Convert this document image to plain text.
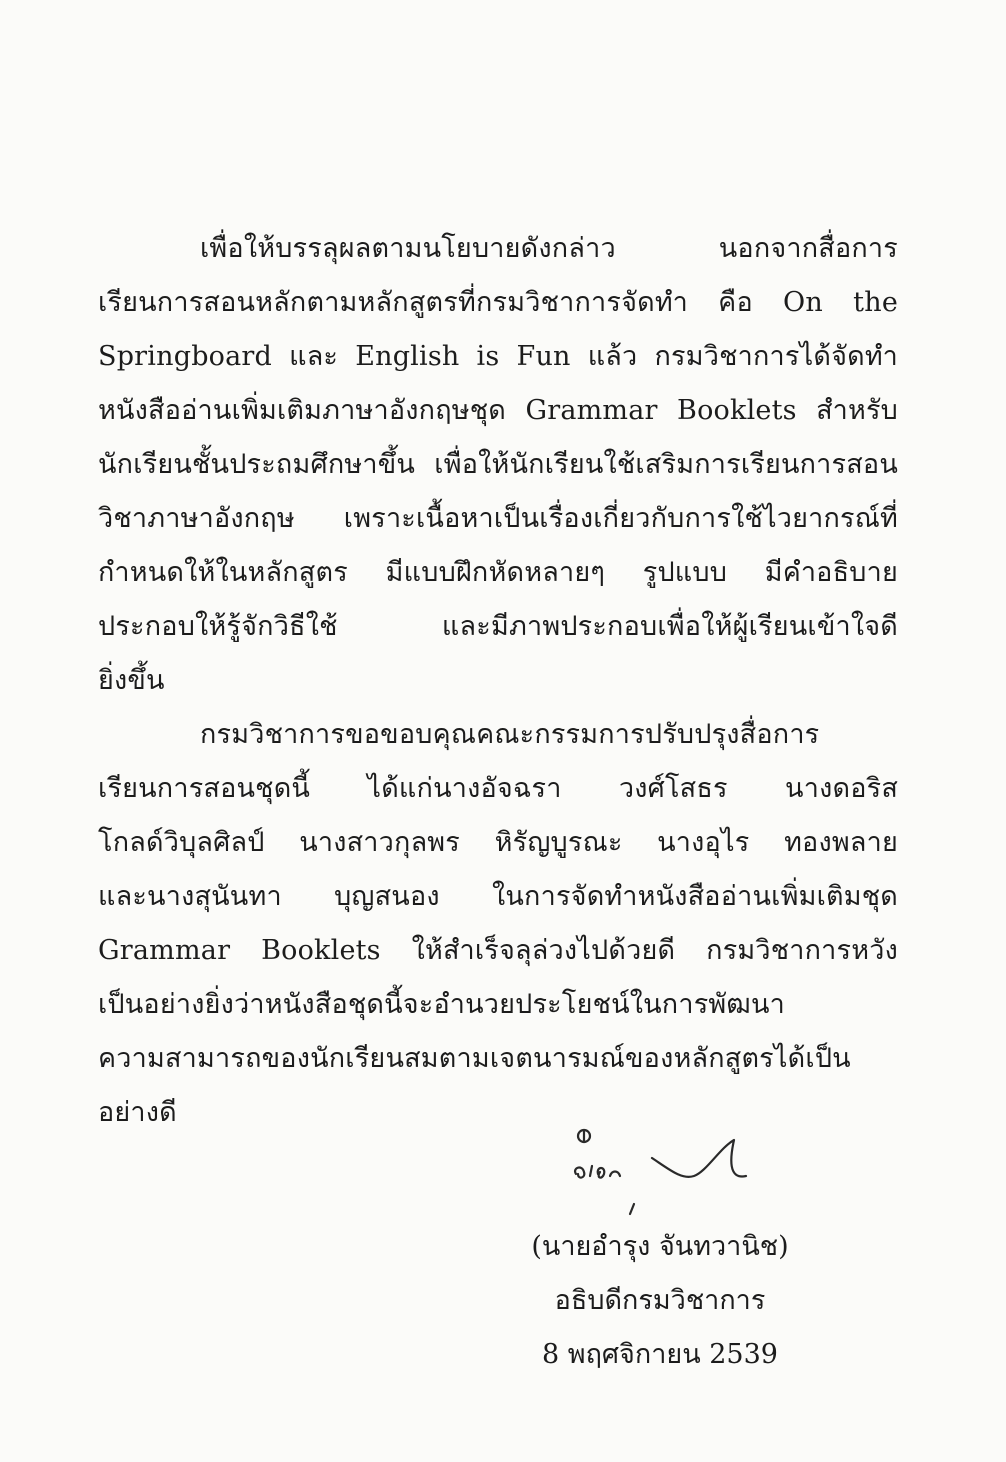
เพื่อให้บรรลุผลตามนโยบายดังกล่าว นอกจากสื่อการ
เรียนการสอนหลักตามหลักสูตรที่กรมวิชาการจัดทำ คือ On the
Springboard และ English is Fun แล้ว กรมวิชาการได้จัดทำ
หนังสืออ่านเพิ่มเติมภาษาอังกฤษชุด Grammar Booklets สำหรับ
นักเรียนชั้นประถมศึกษาขึ้น เพื่อให้นักเรียนใช้เสริมการเรียนการสอน
วิชาภาษาอังกฤษ เพราะเนื้อหาเป็นเรื่องเกี่ยวกับการใช้ไวยากรณ์ที่
กำหนดให้ในหลักสูตร มีแบบฝึกหัดหลายๆ รูปแบบ มีคำอธิบาย
ประกอบให้รู้จักวิธีใช้ และมีภาพประกอบเพื่อให้ผู้เรียนเข้าใจดี
ยิ่งขึ้น
กรมวิชาการขอขอบคุณคณะกรรมการปรับปรุงสื่อการ
เรียนการสอนชุดนี้ ได้แก่นางอัจฉรา วงศ์โสธร นางดอริส
โกลด์วิบุลศิลป์ นางสาวกุลพร หิรัญบูรณะ นางอุไร ทองพลาย
และนางสุนันทา บุญสนอง ในการจัดทำหนังสืออ่านเพิ่มเติมชุด
Grammar Booklets ให้สำเร็จลุล่วงไปด้วยดี กรมวิชาการหวัง
เป็นอย่างยิ่งว่าหนังสือชุดนี้จะอำนวยประโยชน์ในการพัฒนา
ความสามารถของนักเรียนสมตามเจตนารมณ์ของหลักสูตรได้เป็น
อย่างดี
(นายอำรุง จันทวานิช)
อธิบดีกรมวิชาการ
8 พฤศจิกายน 2539
